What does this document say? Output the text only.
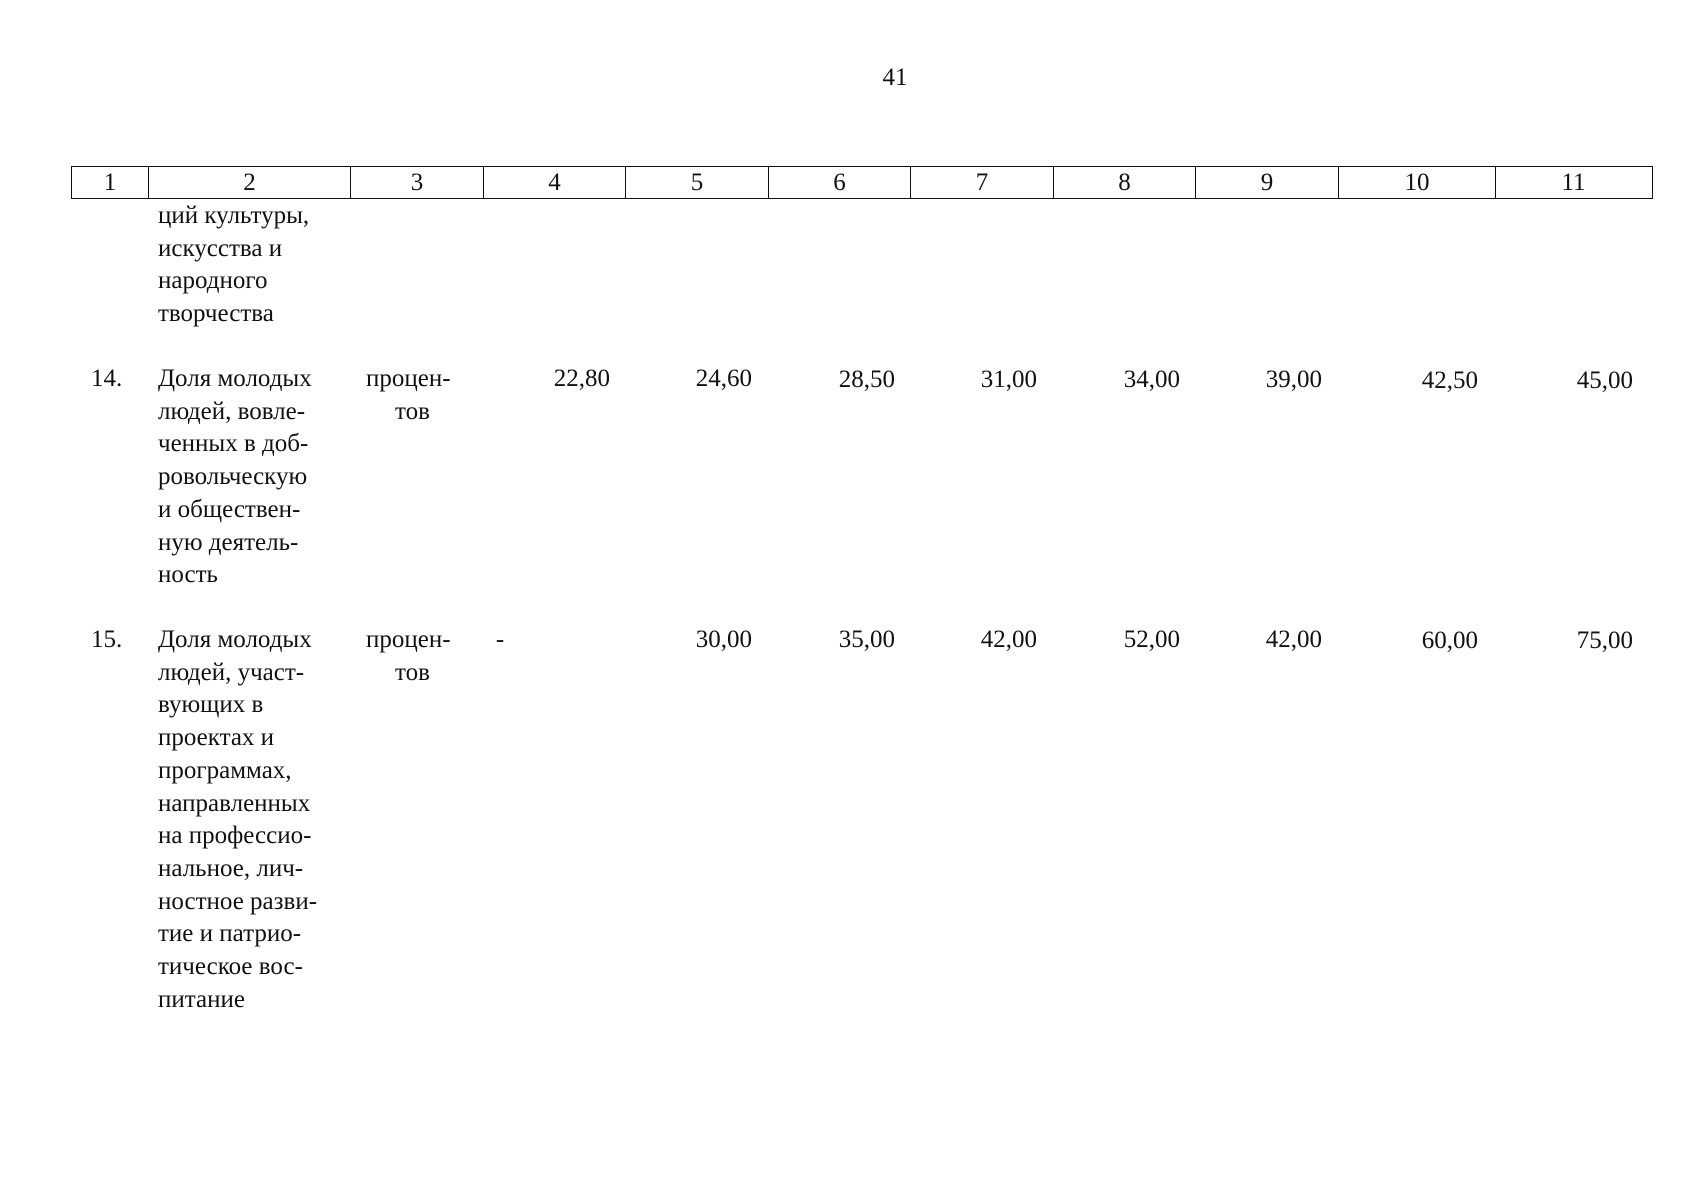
41
1	2	3	4	5	6	7	8	9	10	11
ций культуры,
искусства и
народного
творчества
14. Доля молодых
людей, вовле-
ченных в доб-
ровольческую
и обществен-
ную деятель-
ность
процен-
тов
22,80	24,60	28,50	31,00	34,00	39,00	42,50	45,00
15. Доля молодых
людей, участ-
вующих в
проектах и
программах,
направленных
на профессио-
нальное, лич-
ностное разви-
тие и патрио-
тическое вос-
питание
процен-
тов
-	30,00	35,00	42,00	52,00	42,00	60,00	75,00
